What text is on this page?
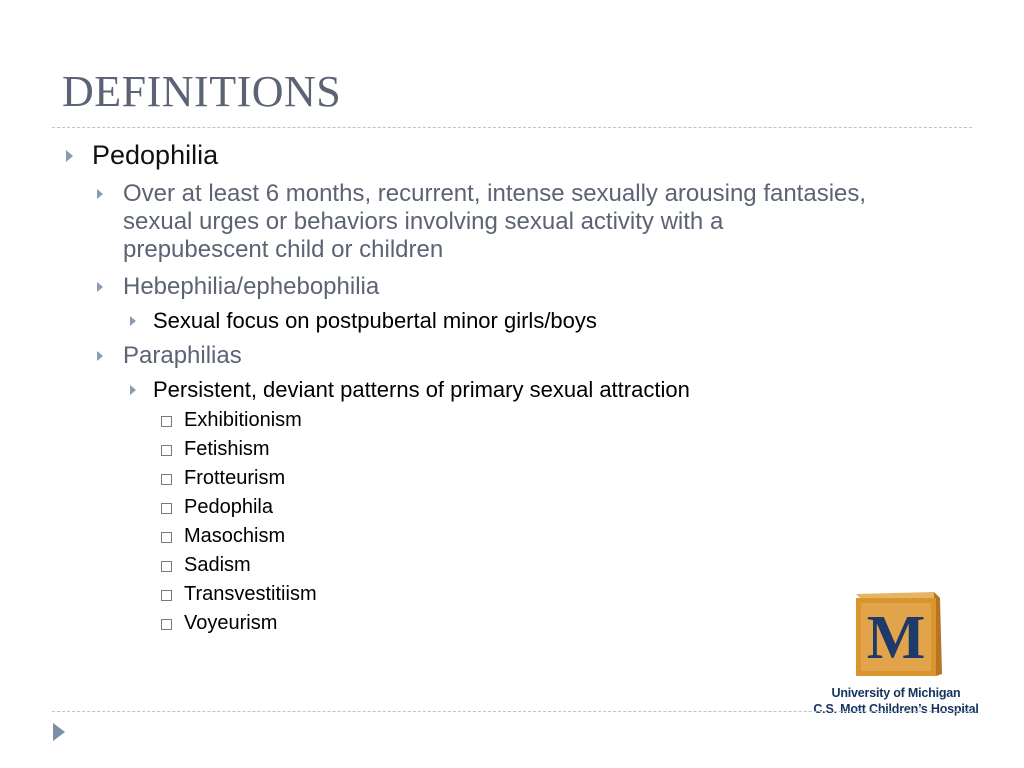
DEFINITIONS
Pedophilia
Over at least 6 months, recurrent, intense sexually arousing fantasies,
sexual urges or behaviors involving sexual activity with a
prepubescent child or children
Hebephilia/ephebophilia
Sexual focus on postpubertal minor girls/boys
Paraphilias
Persistent, deviant patterns of primary sexual attraction
Exhibitionism
Fetishism
Frotteurism
Pedophila
Masochism
Sadism
Transvestitiism
Voyeurism	M
University of Michigan
C.S. Mott Children’s Hospital
